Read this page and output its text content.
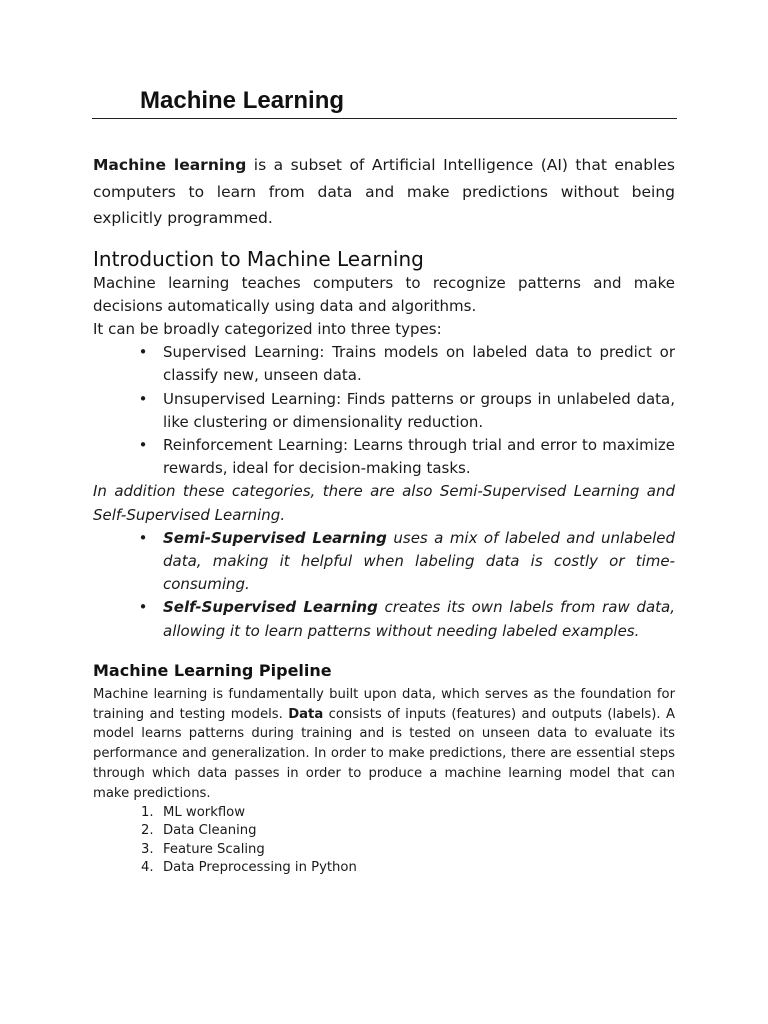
Machine Learning

Machine learning is a subset of Artificial Intelligence (AI) that enables computers to learn from data and make predictions without being explicitly programmed.

Introduction to Machine Learning

Machine learning teaches computers to recognize patterns and make decisions automatically using data and algorithms.

It can be broadly categorized into three types:

• Supervised Learning: Trains models on labeled data to predict or classify new, unseen data.

• Unsupervised Learning: Finds patterns or groups in unlabeled data, like clustering or dimensionality reduction.

• Reinforcement Learning: Learns through trial and error to maximize rewards, ideal for decision-making tasks.

In addition these categories, there are also Semi-Supervised Learning and Self-Supervised Learning.

• Semi-Supervised Learning uses a mix of labeled and unlabeled data, making it helpful when labeling data is costly or time-consuming.

• Self-Supervised Learning creates its own labels from raw data, allowing it to learn patterns without needing labeled examples.

Machine Learning Pipeline

Machine learning is fundamentally built upon data, which serves as the foundation for training and testing models. Data consists of inputs (features) and outputs (labels). A model learns patterns during training and is tested on unseen data to evaluate its performance and generalization. In order to make predictions, there are essential steps through which data passes in order to produce a machine learning model that can make predictions.

1. ML workflow
2. Data Cleaning
3. Feature Scaling
4. Data Preprocessing in Python
